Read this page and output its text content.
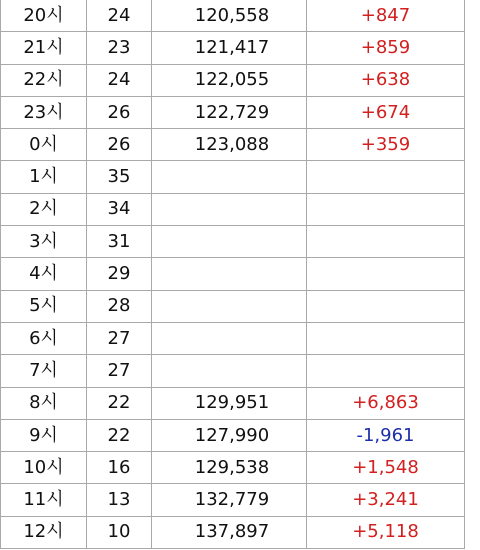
20시	24	120,558	+847
21시	23	121,417	+859
22시	24	122,055	+638
23시	26	122,729	+674
0시	26	123,088	+359
1시	35		
2시	34		
3시	31		
4시	29		
5시	28		
6시	27		
7시	27		
8시	22	129,951	+6,863
9시	22	127,990	-1,961
10시	16	129,538	+1,548
11시	13	132,779	+3,241
12시	10	137,897	+5,118
